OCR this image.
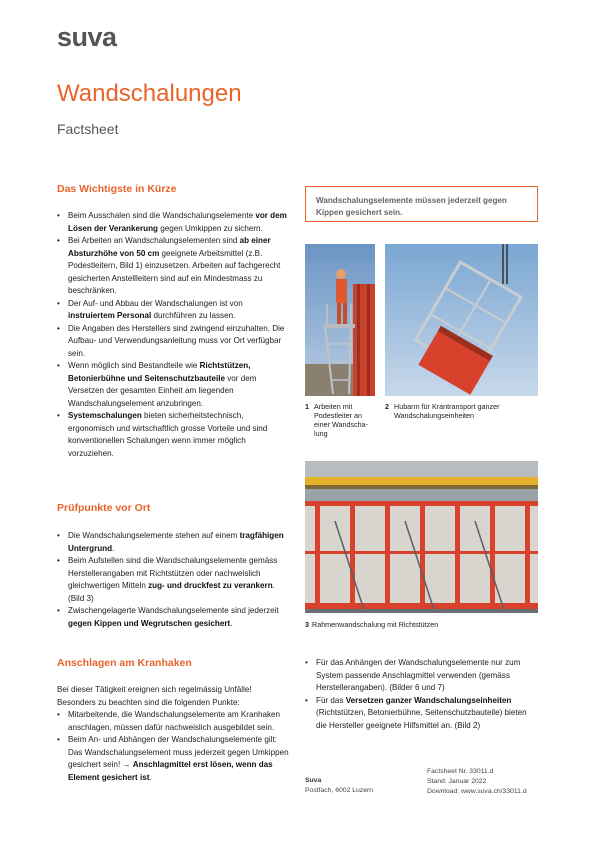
suva
Wandschalungen
Factsheet
Das Wichtigste in Kürze
• Beim Ausschalen sind die Wandschalungselemente vor dem Lösen der Verankerung gegen Umkippen zu sichern.
• Bei Arbeiten an Wandschalungselementen sind ab einer Absturzhöhe von 50 cm geeignete Arbeitsmittel (z.B. Podestleitern, Bild 1) einzusetzen. Arbeiten auf fachgerecht gesicherten Anstellleitern sind auf ein Mindestmass zu beschränken.
• Der Auf- und Abbau der Wandschalungen ist von instruiertem Personal durchführen zu lassen.
• Die Angaben des Herstellers sind zwingend einzuhalten. Die Aufbau- und Verwendungsanleitung muss vor Ort verfügbar sein.
• Wenn möglich sind Bestandteile wie Richtstützen, Betonierbühne und Seitenschutzbauteile vor dem Versetzen der gesamten Einheit am liegenden Wandschalungselement anzubringen.
• Systemschalungen bieten sicherheitstechnisch, ergonomisch und wirtschaftlich grosse Vorteile und sind konventionellen Schalungen wenn immer möglich vorzuziehen.
Prüfpunkte vor Ort
• Die Wandschalungselemente stehen auf einem tragfähigen Untergrund.
• Beim Aufstellen sind die Wandschalungselemente gemäss Herstellerangaben mit Richtstützen oder nachweislich gleichwertigen Mitteln zug- und druckfest zu verankern. (Bild 3)
• Zwischengelagerte Wandschalungselemente sind jederzeit gegen Kippen und Wegrutschen gesichert.
Anschlagen am Kranhaken

Bei dieser Tätigkeit ereignen sich regelmässig Unfälle! Besonders zu beachten sind die folgenden Punkte:

• Mitarbeitende, die Wandschalungselemente am Kranhaken anschlagen, müssen dafür nachweislich ausgebildet sein.
• Beim An- und Abhängen der Wandschalungselemente gilt: Das Wandschalungselement muss jederzeit gegen Umkippen gesichert sein! → Anschlagmittel erst lösen, wenn das Element gesichert ist.
Wandschalungselemente müssen jederzeit gegen Kippen gesichert sein.
1 Arbeiten mit Podestleiter an einer Wandscha-lung
2 Hubarm für Krantransport ganzer Wandschalungseinheiten
3 Rahmenwandschalung mit Richtstützen
• Für das Anhängen der Wandschalungselemente nur zum System passende Anschlagmittel verwenden (gemäss Herstellerangaben). (Bilder 6 und 7)
• Für das Versetzen ganzer Wandschalungseinheiten (Richtstützen, Betonierbühne, Seitenschutzbauteile) bieten die Hersteller geeignete Hilfsmittel an. (Bild 2)
Suva
Postfach, 6002 Luzern
Factsheet Nr. 33011.d
Stand: Januar 2022
Download: www.suva.ch/33011.d
